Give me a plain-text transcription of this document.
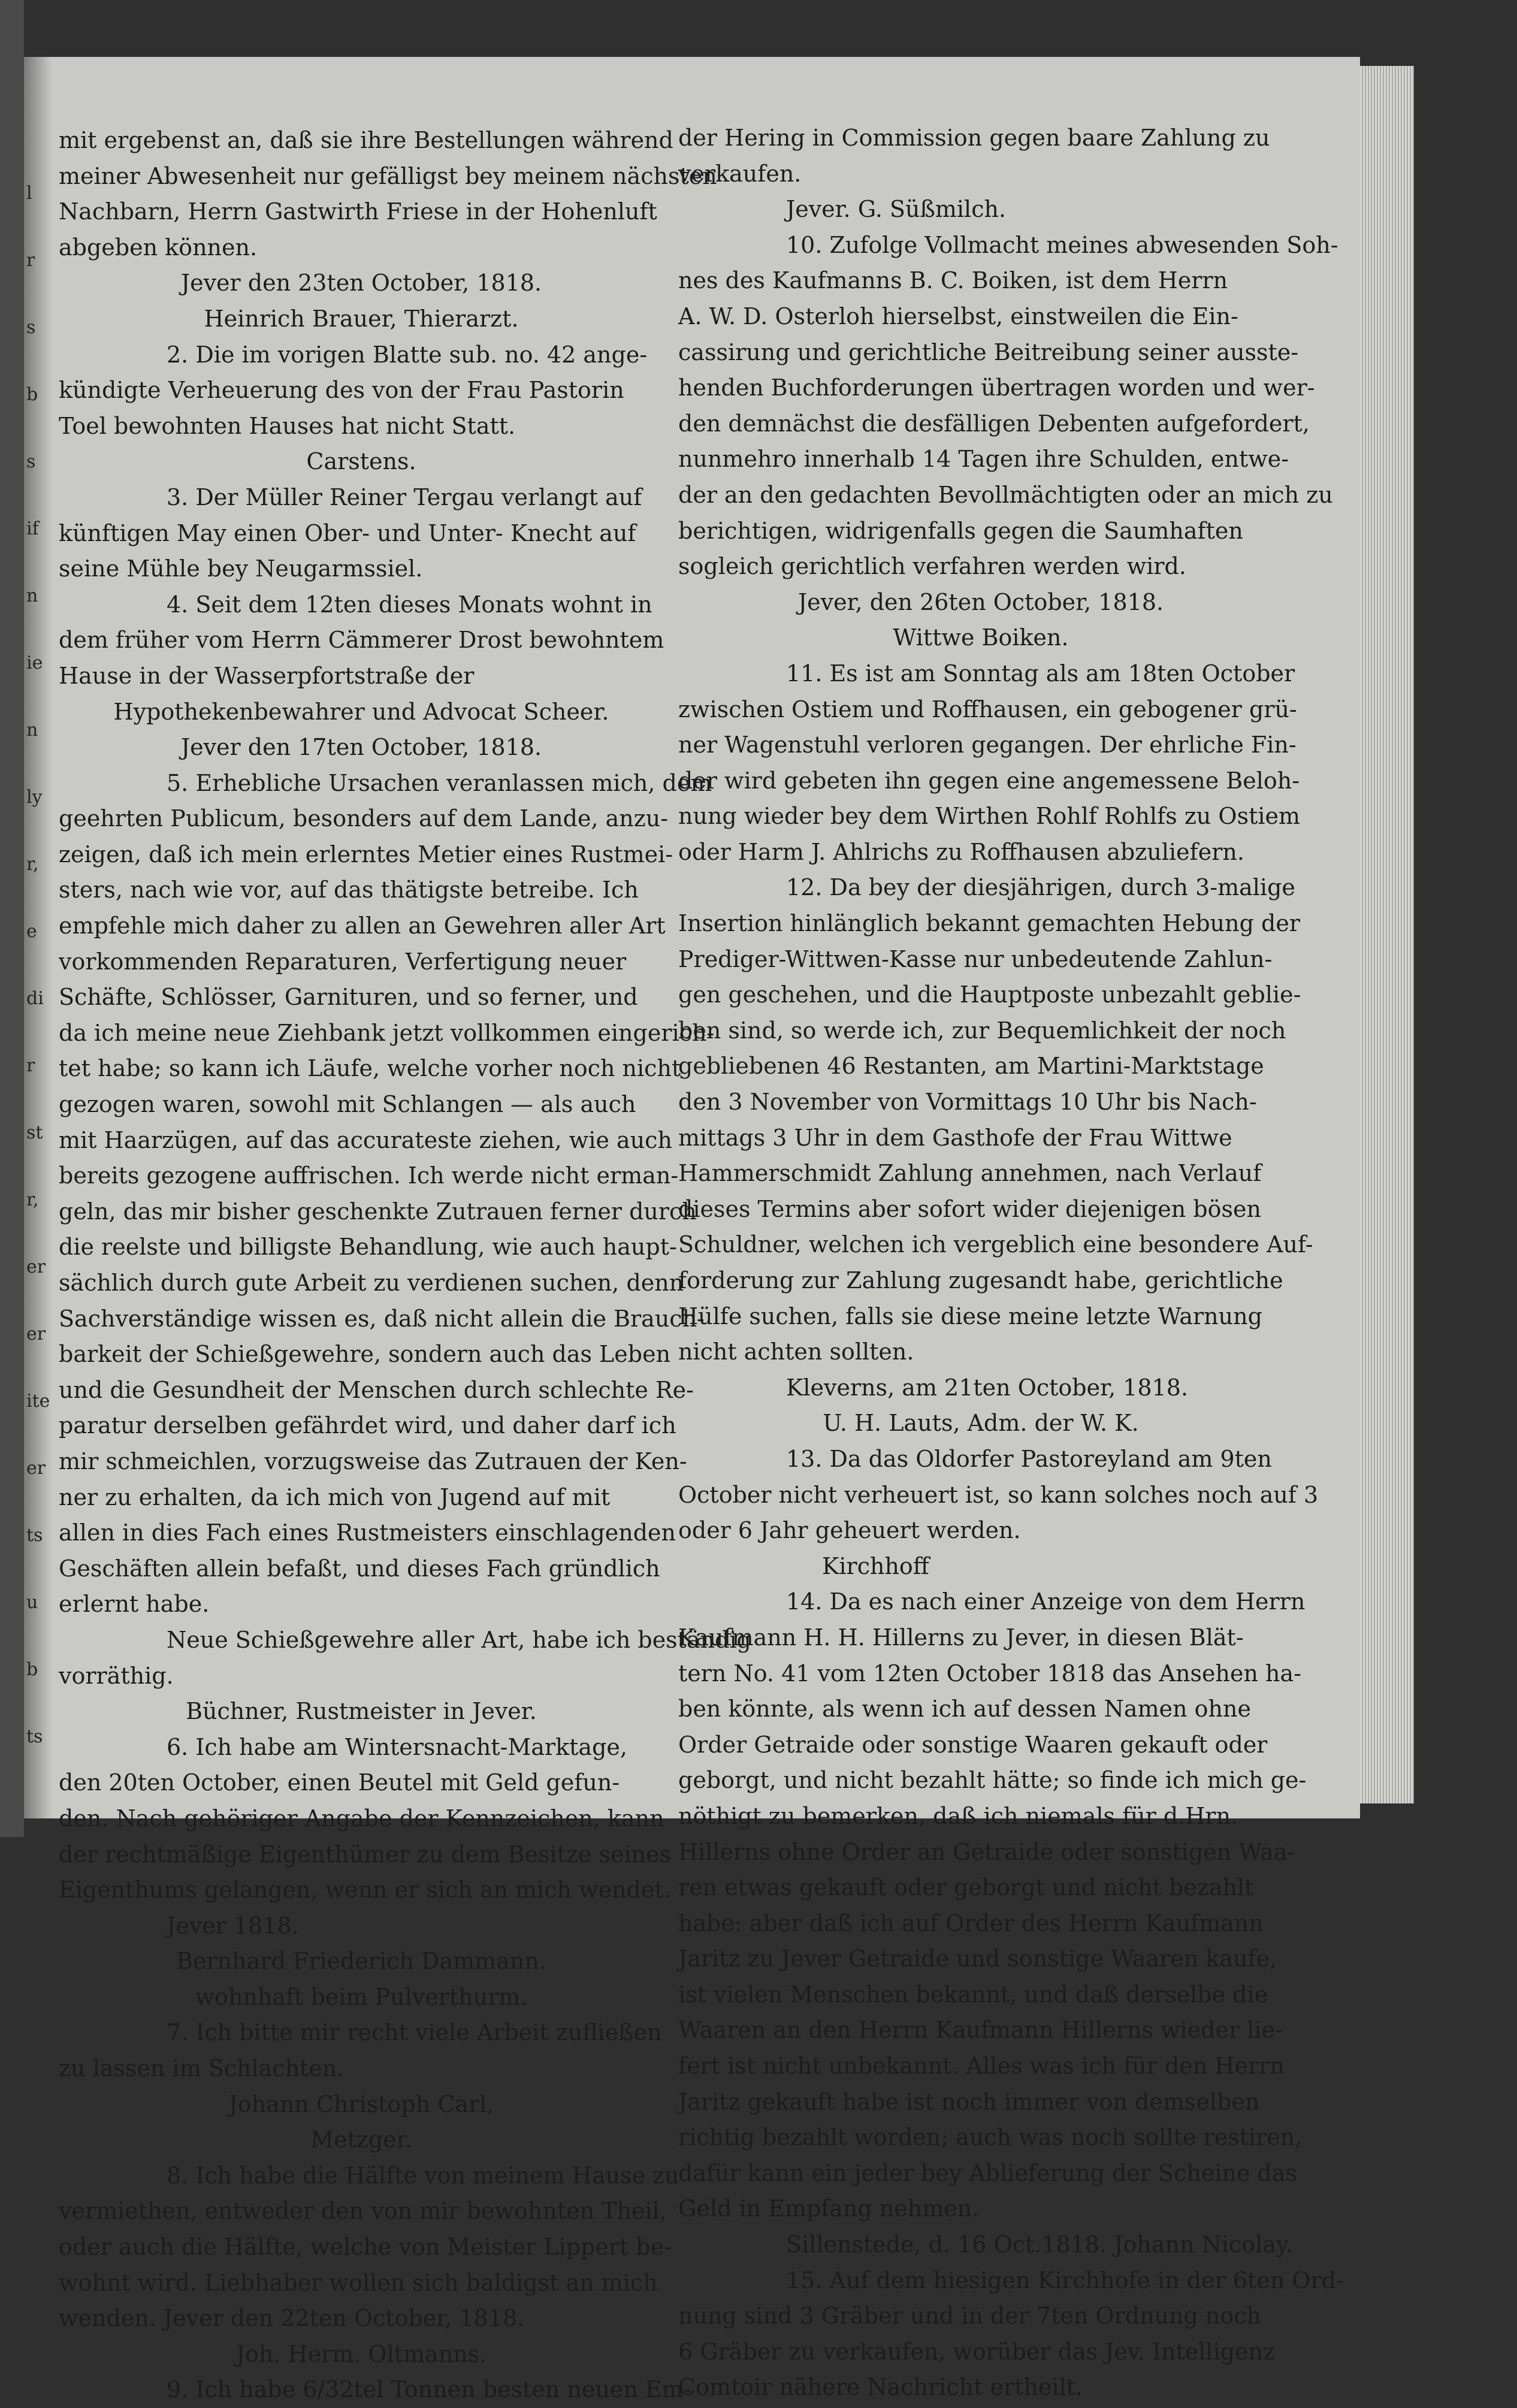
l
r
s
b
s
if
n
ie
n
ly
r,
e
di
r
st
r,
er
er
ite
er
ts
u
b
ts
mit ergebenst an, daß sie ihre Bestellungen während
meiner Abwesenheit nur gefälligst bey meinem nächsten
Nachbarn, Herrn Gastwirth Friese in der Hohenluft
abgeben können.
Jever den 23ten October, 1818.
Heinrich Brauer, Thierarzt.
2. Die im vorigen Blatte sub. no. 42 ange-
kündigte Verheuerung des von der Frau Pastorin
Toel bewohnten Hauses hat nicht Statt.
Carstens.
3. Der Müller Reiner Tergau verlangt auf
künftigen May einen Ober- und Unter- Knecht auf
seine Mühle bey Neugarmssiel.
4. Seit dem 12ten dieses Monats wohnt in
dem früher vom Herrn Cämmerer Drost bewohntem
Hause in der Wasserpfortstraße der
Hypothekenbewahrer und Advocat Scheer.
Jever den 17ten October, 1818.
5. Erhebliche Ursachen veranlassen mich, dem
geehrten Publicum, besonders auf dem Lande, anzu-
zeigen, daß ich mein erlerntes Metier eines Rustmei-
sters, nach wie vor, auf das thätigste betreibe. Ich
empfehle mich daher zu allen an Gewehren aller Art
vorkommenden Reparaturen, Verfertigung neuer
Schäfte, Schlösser, Garnituren, und so ferner, und
da ich meine neue Ziehbank jetzt vollkommen eingerich-
tet habe; so kann ich Läufe, welche vorher noch nicht
gezogen waren, sowohl mit Schlangen — als auch
mit Haarzügen, auf das accurateste ziehen, wie auch
bereits gezogene auffrischen. Ich werde nicht erman-
geln, das mir bisher geschenkte Zutrauen ferner durch
die reelste und billigste Behandlung, wie auch haupt-
sächlich durch gute Arbeit zu verdienen suchen, denn
Sachverständige wissen es, daß nicht allein die Brauch-
barkeit der Schießgewehre, sondern auch das Leben
und die Gesundheit der Menschen durch schlechte Re-
paratur derselben gefährdet wird, und daher darf ich
mir schmeichlen, vorzugsweise das Zutrauen der Ken-
ner zu erhalten, da ich mich von Jugend auf mit
allen in dies Fach eines Rustmeisters einschlagenden
Geschäften allein befaßt, und dieses Fach gründlich
erlernt habe.
Neue Schießgewehre aller Art, habe ich beständig
vorräthig.
Büchner, Rustmeister in Jever.
6. Ich habe am Wintersnacht-Marktage,
den 20ten October, einen Beutel mit Geld gefun-
den. Nach gehöriger Angabe der Kennzeichen, kann
der rechtmäßige Eigenthümer zu dem Besitze seines
Eigenthums gelangen, wenn er sich an mich wendet.
Jever 1818.
Bernhard Friederich Dammann.
wohnhaft beim Pulverthurm.
7. Ich bitte mir recht viele Arbeit zufließen
zu lassen im Schlachten.
Johann Christoph Carl,
Metzger.
8. Ich habe die Hälfte von meinem Hause zu
vermiethen, entweder den von mir bewohnten Theil,
oder auch die Hälfte, welche von Meister Lippert be-
wohnt wird. Liebhaber wollen sich baldigst an mich
wenden. Jever den 22ten October, 1818.
Joh. Herm. Oltmanns.
9. Ich habe 6/32tel Tonnen besten neuen Em-
der Hering in Commission gegen baare Zahlung zu
verkaufen.
Jever. G. Süßmilch.
10. Zufolge Vollmacht meines abwesenden Soh-
nes des Kaufmanns B. C. Boiken, ist dem Herrn
A. W. D. Osterloh hierselbst, einstweilen die Ein-
cassirung und gerichtliche Beitreibung seiner ausste-
henden Buchforderungen übertragen worden und wer-
den demnächst die desfälligen Debenten aufgefordert,
nunmehro innerhalb 14 Tagen ihre Schulden, entwe-
der an den gedachten Bevollmächtigten oder an mich zu
berichtigen, widrigenfalls gegen die Saumhaften
sogleich gerichtlich verfahren werden wird.
Jever, den 26ten October, 1818.
Wittwe Boiken.
11. Es ist am Sonntag als am 18ten October
zwischen Ostiem und Roffhausen, ein gebogener grü-
ner Wagenstuhl verloren gegangen. Der ehrliche Fin-
der wird gebeten ihn gegen eine angemessene Beloh-
nung wieder bey dem Wirthen Rohlf Rohlfs zu Ostiem
oder Harm J. Ahlrichs zu Roffhausen abzuliefern.
12. Da bey der diesjährigen, durch 3-malige
Insertion hinlänglich bekannt gemachten Hebung der
Prediger-Wittwen-Kasse nur unbedeutende Zahlun-
gen geschehen, und die Hauptposte unbezahlt geblie-
ben sind, so werde ich, zur Bequemlichkeit der noch
gebliebenen 46 Restanten, am Martini-Marktstage
den 3 November von Vormittags 10 Uhr bis Nach-
mittags 3 Uhr in dem Gasthofe der Frau Wittwe
Hammerschmidt Zahlung annehmen, nach Verlauf
dieses Termins aber sofort wider diejenigen bösen
Schuldner, welchen ich vergeblich eine besondere Auf-
forderung zur Zahlung zugesandt habe, gerichtliche
Hülfe suchen, falls sie diese meine letzte Warnung
nicht achten sollten.
Kleverns, am 21ten October, 1818.
U. H. Lauts, Adm. der W. K.
13. Da das Oldorfer Pastoreyland am 9ten
October nicht verheuert ist, so kann solches noch auf 3
oder 6 Jahr geheuert werden.
Kirchhoff
14. Da es nach einer Anzeige von dem Herrn
Kaufmann H. H. Hillerns zu Jever, in diesen Blät-
tern No. 41 vom 12ten October 1818 das Ansehen ha-
ben könnte, als wenn ich auf dessen Namen ohne
Order Getraide oder sonstige Waaren gekauft oder
geborgt, und nicht bezahlt hätte; so finde ich mich ge-
nöthigt zu bemerken, daß ich niemals für d.Hrn.
Hillerns ohne Order an Getraide oder sonstigen Waa-
ren etwas gekauft oder geborgt und nicht bezahlt
habe: aber daß ich auf Order des Herrn Kaufmann
Jaritz zu Jever Getraide und sonstige Waaren kaufe,
ist vielen Menschen bekannt, und daß derselbe die
Waaren an den Herrn Kaufmann Hillerns wieder lie-
fert ist nicht unbekannt. Alles was ich für den Herrn
Jaritz gekauft habe ist noch immer von demselben
richtig bezahlt worden; auch was noch sollte restiren,
dafür kann ein jeder bey Ablieferung der Scheine das
Geld in Empfang nehmen.
Sillenstede, d. 16 Oct.1818. Johann Nicolay.
15. Auf dem hiesigen Kirchhofe in der 6ten Ord-
nung sind 3 Gräber und in der 7ten Ordnung noch
6 Gräber zu verkaufen, worüber das Jev. Intelligenz
Comtoir nähere Nachricht ertheilt.
